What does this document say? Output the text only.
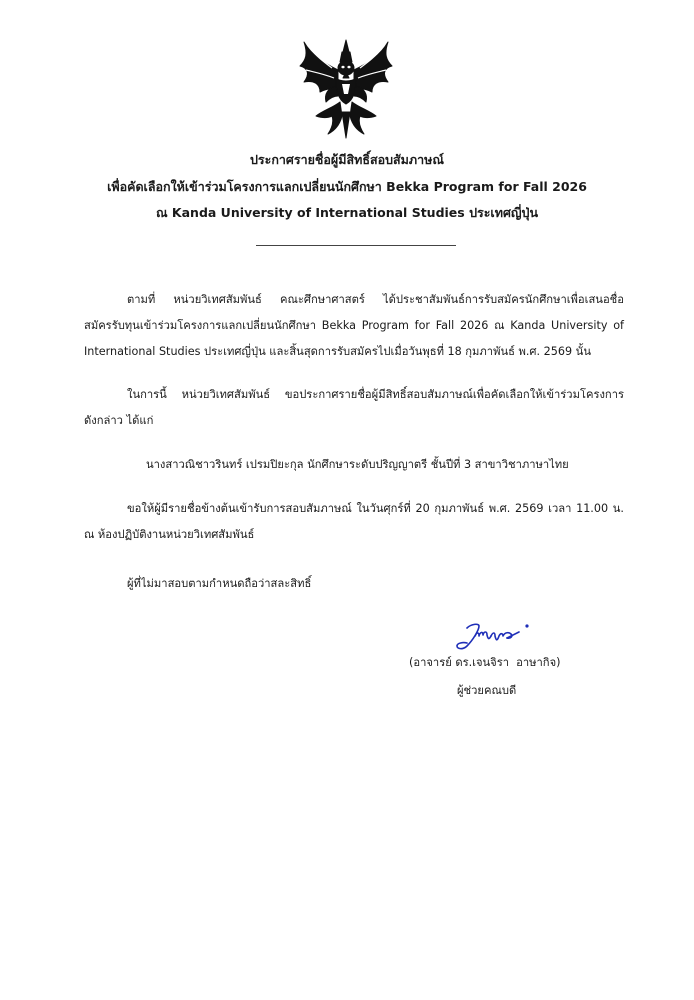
ประกาศรายชื่อผู้มีสิทธิ์สอบสัมภาษณ์
เพื่อคัดเลือกให้เข้าร่วมโครงการแลกเปลี่ยนนักศึกษา Bekka Program for Fall 2026
ณ Kanda University of International Studies ประเทศญี่ปุ่น
ตามที่ หน่วยวิเทศสัมพันธ์ คณะศึกษาศาสตร์ ได้ประชาสัมพันธ์การรับสมัครนักศึกษาเพื่อเสนอชื่อ
สมัครรับทุนเข้าร่วมโครงการแลกเปลี่ยนนักศึกษา Bekka Program for Fall 2026 ณ Kanda University of
International Studies ประเทศญี่ปุ่น และสิ้นสุดการรับสมัครไปเมื่อวันพุธที่ 18 กุมภาพันธ์ พ.ศ. 2569 นั้น
ในการนี้ หน่วยวิเทศสัมพันธ์ ขอประกาศรายชื่อผู้มีสิทธิ์สอบสัมภาษณ์เพื่อคัดเลือกให้เข้าร่วมโครงการ
ดังกล่าว ได้แก่
นางสาวณิชาวรินทร์ เปรมปิยะกุล นักศึกษาระดับปริญญาตรี ชั้นปีที่ 3 สาขาวิชาภาษาไทย
ขอให้ผู้มีรายชื่อข้างต้นเข้ารับการสอบสัมภาษณ์ ในวันศุกร์ที่ 20 กุมภาพันธ์ พ.ศ. 2569 เวลา 11.00 น.
ณ ห้องปฏิบัติงานหน่วยวิเทศสัมพันธ์
ผู้ที่ไม่มาสอบตามกำหนดถือว่าสละสิทธิ์
(อาจารย์ ดร.เจนจิรา  อาษากิจ)
ผู้ช่วยคณบดี
